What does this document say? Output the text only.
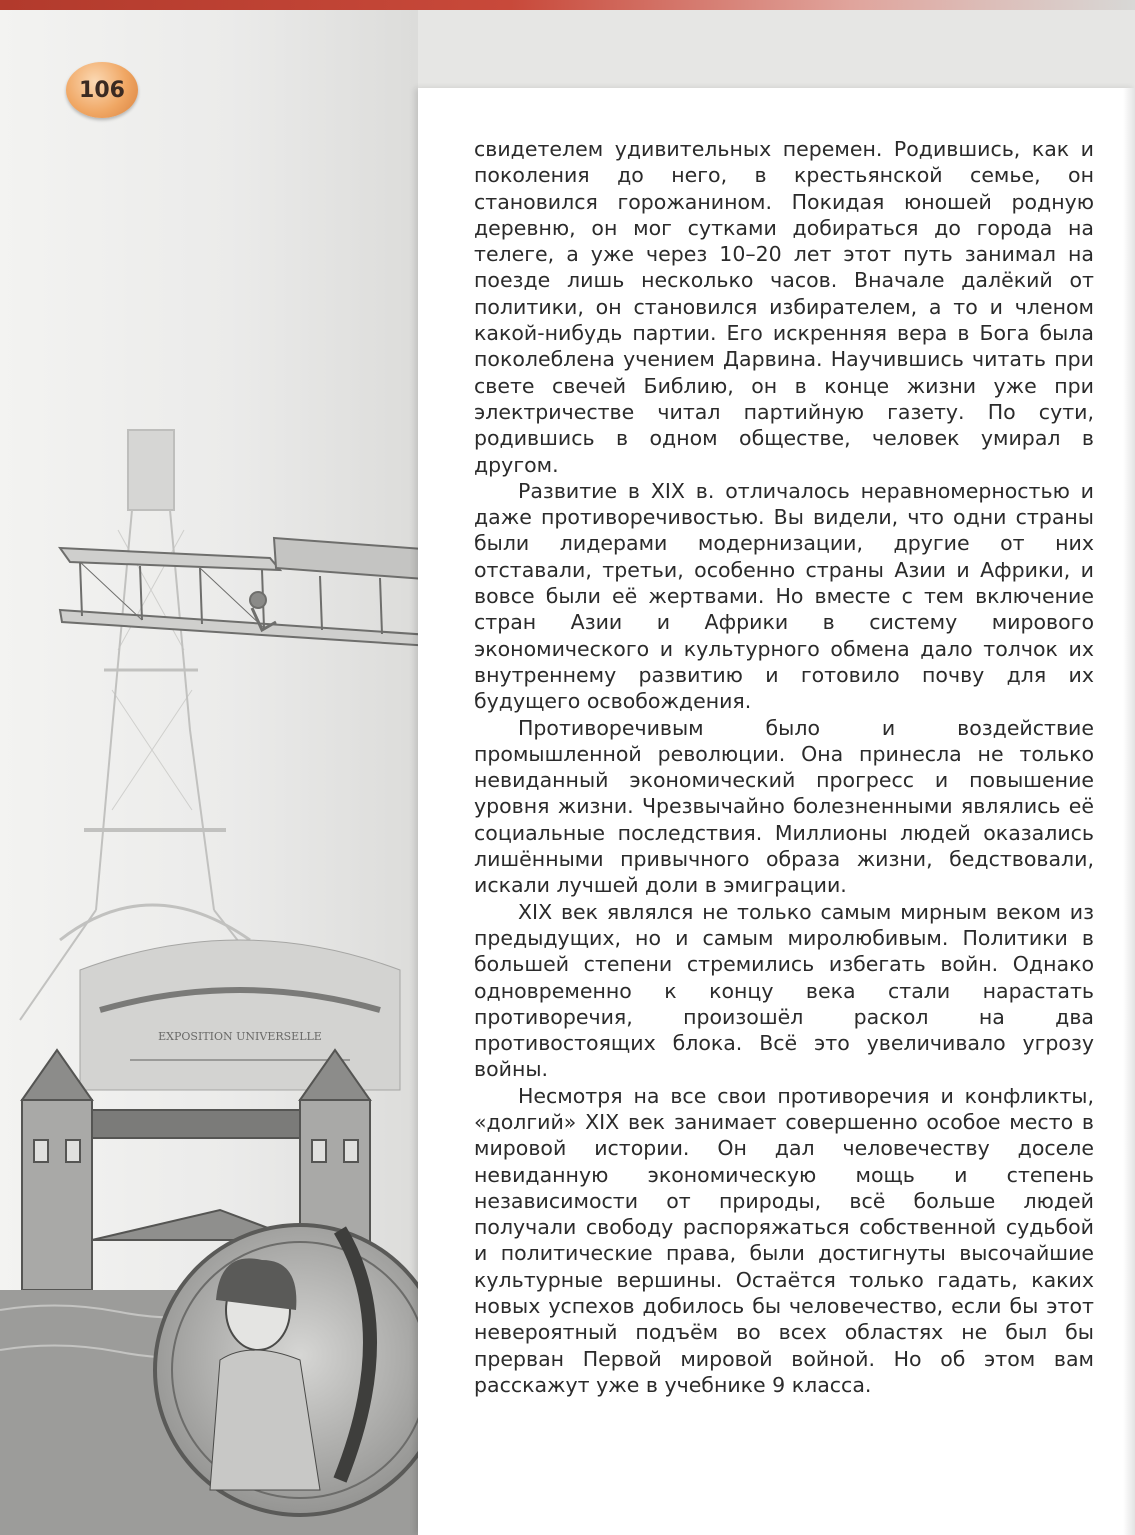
EXPOSITION UNIVERSELLE
106

свидетелем удивительных перемен. Родившись, как и поколения до него, в крестьянской семье, он становился горожанином. Покидая юношей родную деревню, он мог сутками добираться до города на телеге, а уже через 10–20 лет этот путь занимал на поезде лишь несколько часов. Вначале далёкий от политики, он становился избирателем, а то и членом какой-нибудь партии. Его искренняя вера в Бога была поколеблена учением Дарвина. Научившись читать при свете свечей Библию, он в конце жизни уже при электричестве читал партийную газету. По сути, родившись в одном обществе, человек умирал в другом.

Развитие в XIX в. отличалось неравномерностью и даже противоречивостью. Вы видели, что одни страны были лидерами модернизации, другие от них отставали, третьи, особенно страны Азии и Африки, и вовсе были её жертвами. Но вместе с тем включение стран Азии и Африки в систему мирового экономического и культурного обмена дало толчок их внутреннему развитию и готовило почву для их будущего освобождения.

Противоречивым было и воздействие промышленной революции. Она принесла не только невиданный экономический прогресс и повышение уровня жизни. Чрезвычайно болезненными являлись её социальные последствия. Миллионы людей оказались лишёнными привычного образа жизни, бедствовали, искали лучшей доли в эмиграции.

XIX век являлся не только самым мирным веком из предыдущих, но и самым миролюбивым. Политики в большей степени стремились избегать войн. Однако одновременно к концу века стали нарастать противоречия, произошёл раскол на два противостоящих блока. Всё это увеличивало угрозу войны.

Несмотря на все свои противоречия и конфликты, «долгий» XIX век занимает совершенно особое место в мировой истории. Он дал человечеству доселе невиданную экономическую мощь и степень независимости от природы, всё больше людей получали свободу распоряжаться собственной судьбой и политические права, были достигнуты высочайшие культурные вершины. Остаётся только гадать, каких новых успехов добилось бы человечество, если бы этот невероятный подъём во всех областях не был бы прерван Первой мировой войной. Но об этом вам расскажут уже в учебнике 9 класса.
